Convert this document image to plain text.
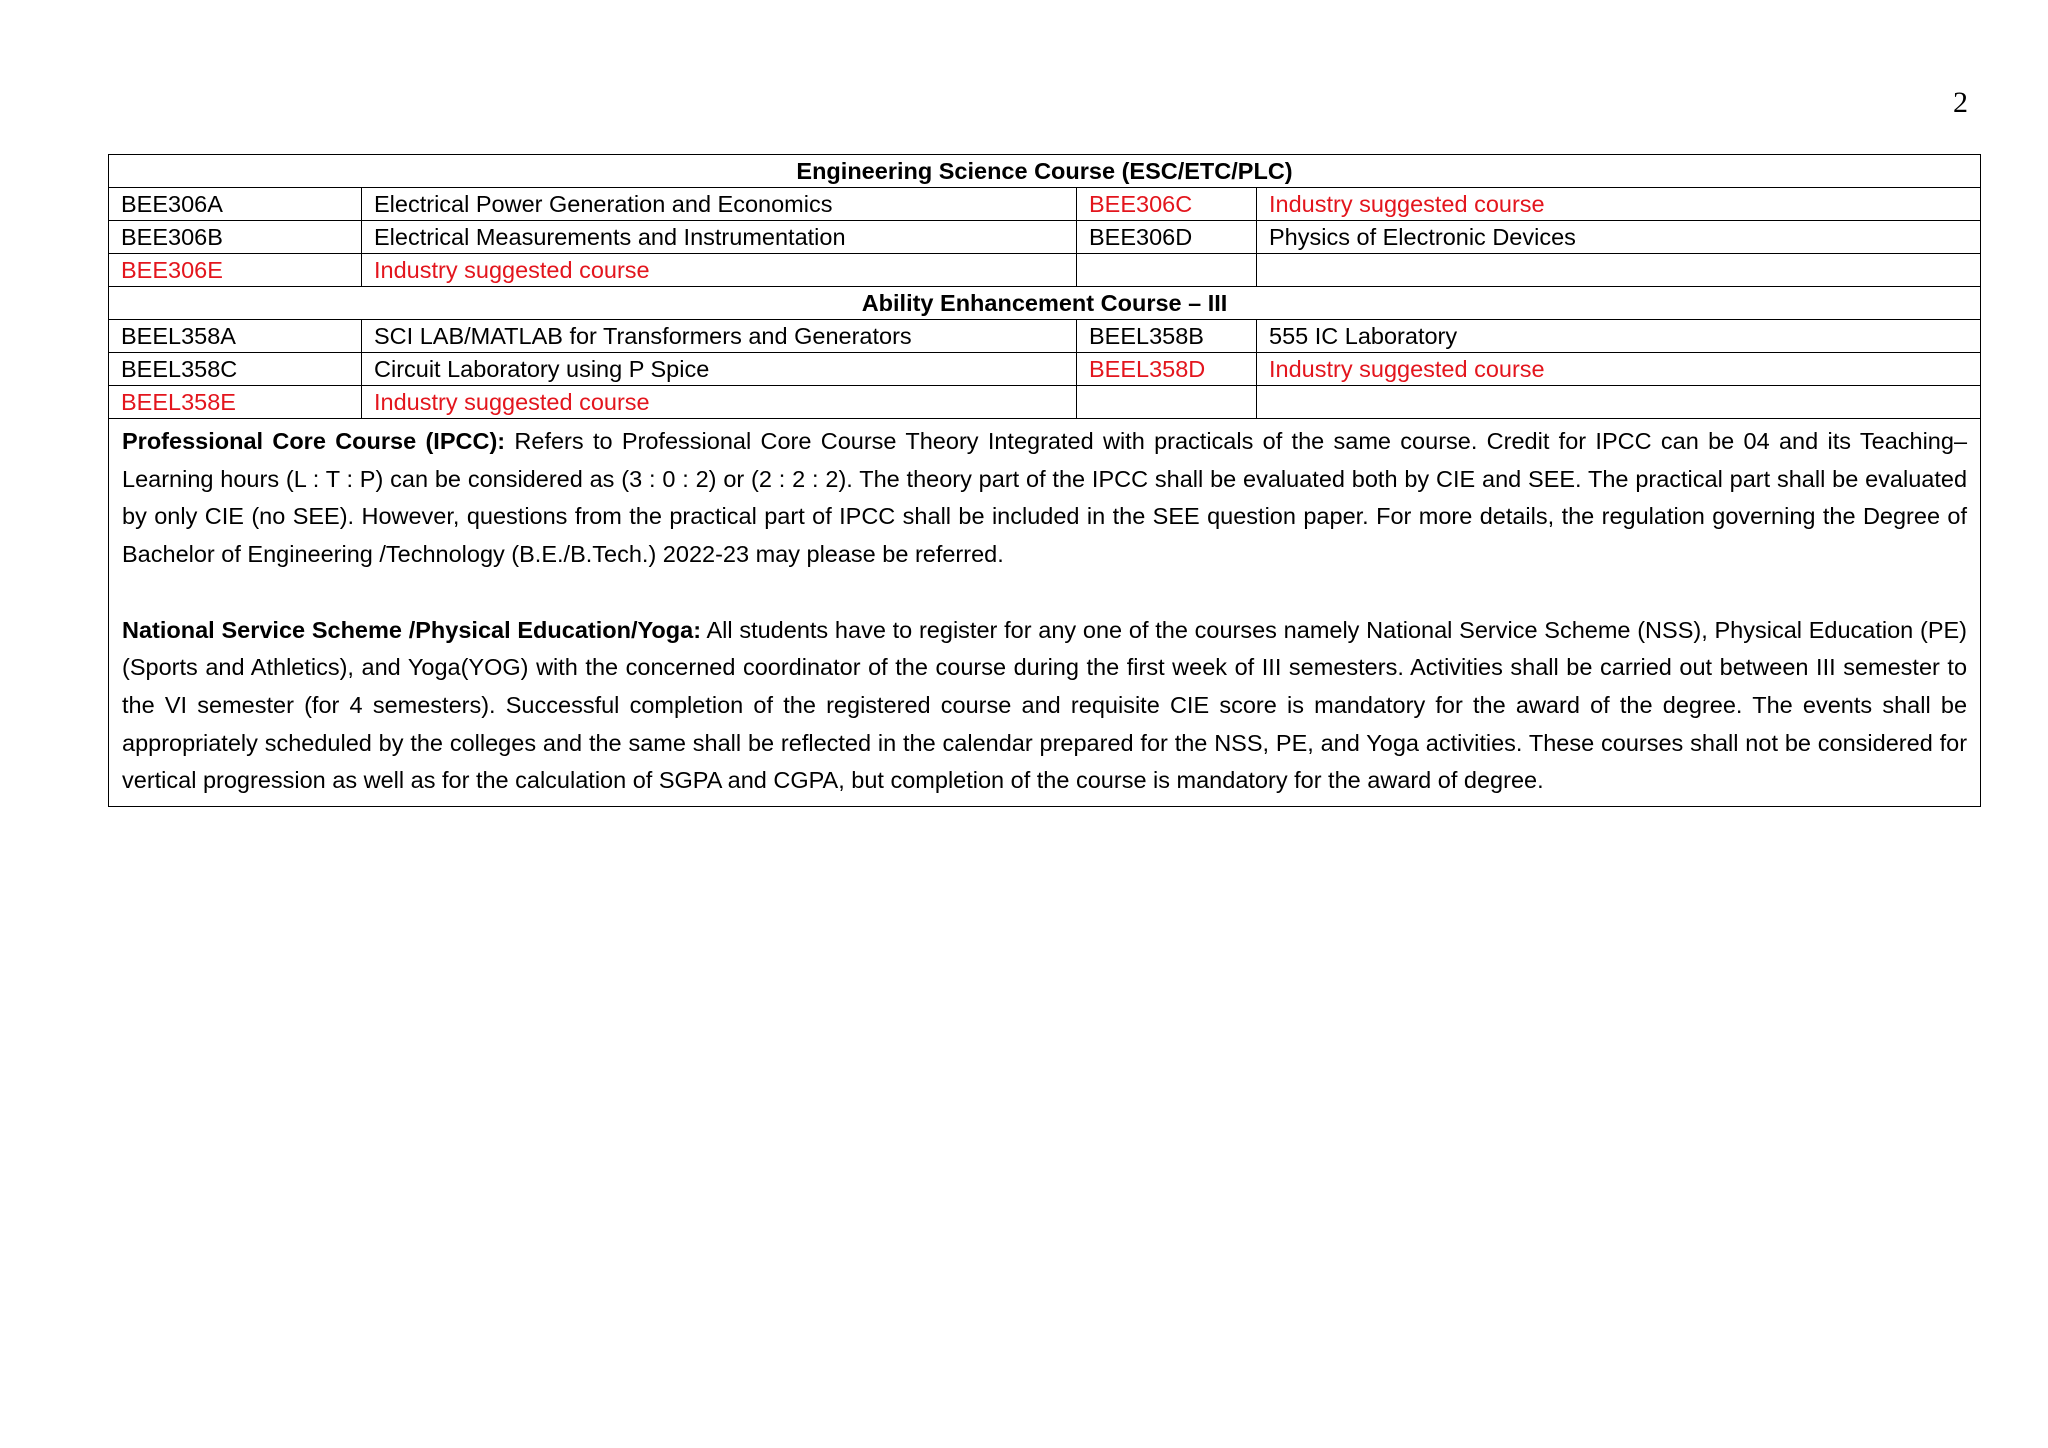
2
Engineering Science Course (ESC/ETC/PLC)			
BEE306A	Electrical Power Generation and Economics	BEE306C	Industry suggested course
BEE306B	Electrical Measurements and Instrumentation	BEE306D	Physics of Electronic Devices
BEE306E	Industry suggested course		
Ability Enhancement Course – III			
BEEL358A	SCI LAB/MATLAB for Transformers and Generators	BEEL358B	555 IC Laboratory
BEEL358C	Circuit Laboratory using P Spice	BEEL358D	Industry suggested course
BEEL358E	Industry suggested course		

Professional Core Course (IPCC): Refers to Professional Core Course Theory Integrated with practicals of the same course. Credit for IPCC can be 04 and its Teaching–Learning hours (L : T : P) can be considered as (3 : 0 : 2) or (2 : 2 : 2). The theory part of the IPCC shall be evaluated both by CIE and SEE. The practical part shall be evaluated by only CIE (no SEE). However, questions from the practical part of IPCC shall be included in the SEE question paper. For more details, the regulation governing the Degree of Bachelor of Engineering /Technology (B.E./B.Tech.) 2022-23 may please be referred.

National Service Scheme /Physical Education/Yoga: All students have to register for any one of the courses namely National Service Scheme (NSS), Physical Education (PE)(Sports and Athletics), and Yoga(YOG) with the concerned coordinator of the course during the first week of III semesters. Activities shall be carried out between III semester to the VI semester (for 4 semesters). Successful completion of the registered course and requisite CIE score is mandatory for the award of the degree. The events shall be appropriately scheduled by the colleges and the same shall be reflected in the calendar prepared for the NSS, PE, and Yoga activities. These courses shall not be considered for vertical progression as well as for the calculation of SGPA and CGPA, but completion of the course is mandatory for the award of degree.			
